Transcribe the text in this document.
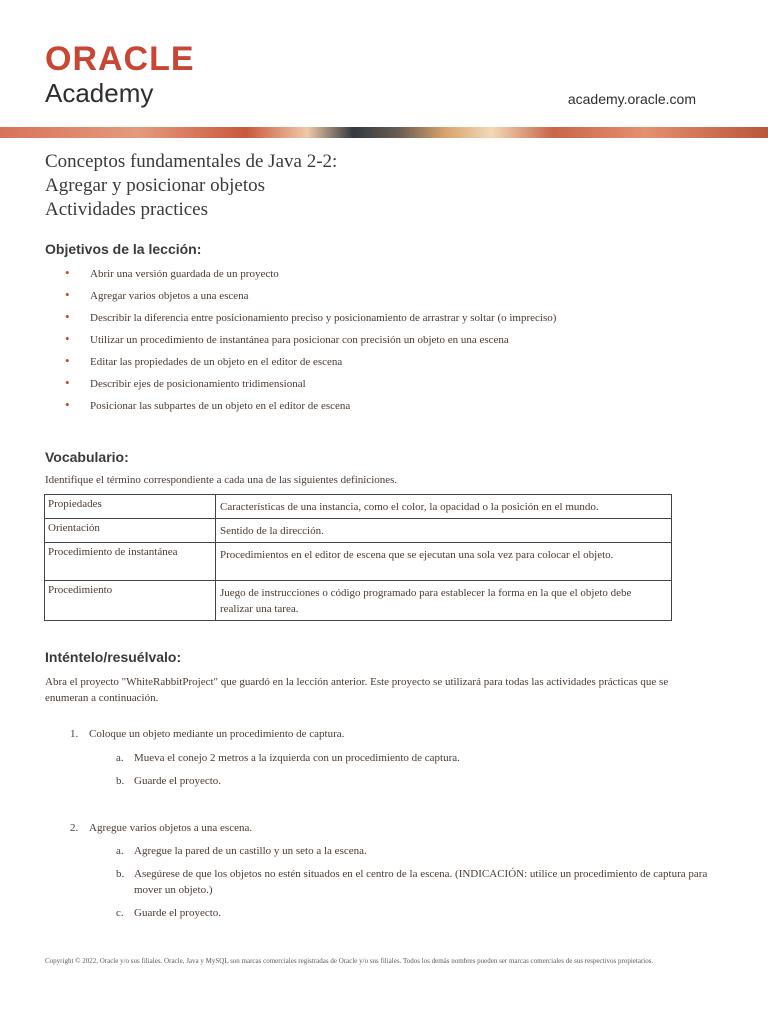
ORACLE
Academy	academy.oracle.com
Conceptos fundamentales de Java 2-2:
Agregar y posicionar objetos
Actividades practices
Objetivos de la lección:
• Abrir una versión guardada de un proyecto
• Agregar varios objetos a una escena
• Describir la diferencia entre posicionamiento preciso y posicionamiento de arrastrar y soltar (o impreciso)
• Utilizar un procedimiento de instantánea para posicionar con precisión un objeto en una escena
• Editar las propiedades de un objeto en el editor de escena
• Describir ejes de posicionamiento tridimensional
• Posicionar las subpartes de un objeto en el editor de escena
Vocabulario:
Identifique el término correspondiente a cada una de las siguientes definiciones.
Propiedades	Características de una instancia, como el color, la opacidad o la posición en el mundo.
Orientación	Sentido de la dirección.
Procedimiento de instantánea	Procedimientos en el editor de escena que se ejecutan una sola vez para colocar el objeto.
Procedimiento	Juego de instrucciones o código programado para establecer la forma en la que el objeto debe realizar una tarea.
Inténtelo/resuélvalo:
Abra el proyecto "WhiteRabbitProject" que guardó en la lección anterior. Este proyecto se utilizará para todas las actividades prácticas que se enumeran a continuación.
1. Coloque un objeto mediante un procedimiento de captura.
a. Mueva el conejo 2 metros a la izquierda con un procedimiento de captura.
b. Guarde el proyecto.
2. Agregue varios objetos a una escena.
a. Agregue la pared de un castillo y un seto a la escena.
b. Asegúrese de que los objetos no estén situados en el centro de la escena. (INDICACIÓN: utilice un procedimiento de captura para mover un objeto.)
c. Guarde el proyecto.
Copyright © 2022, Oracle y/o sus filiales. Oracle, Java y MySQL son marcas comerciales registradas de Oracle y/o sus filiales. Todos los demás nombres pueden ser marcas comerciales de sus respectivos propietarios.
